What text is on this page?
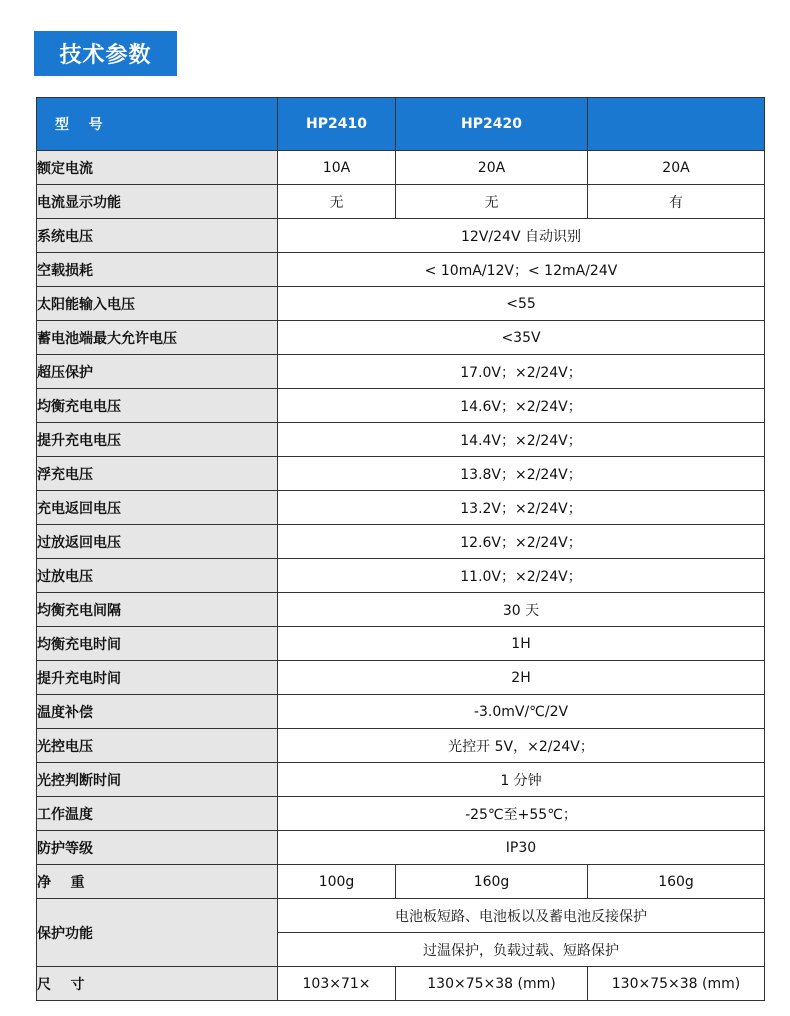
技术参数
型    号	HP2410	HP2420	
额定电流	10A	20A	20A
电流显示功能	无	无	有
系统电压	12V/24V 自动识别		
空载损耗	< 10mA/12V；< 12mA/24V		
太阳能输入电压	<55		
蓄电池端最大允许电压	<35V		
超压保护	17.0V；×2/24V；		
均衡充电电压	14.6V；×2/24V；		
提升充电电压	14.4V；×2/24V；		
浮充电压	13.8V；×2/24V；		
充电返回电压	13.2V；×2/24V；		
过放返回电压	12.6V；×2/24V；		
过放电压	11.0V；×2/24V；		
均衡充电间隔	30 天		
均衡充电时间	1H		
提升充电时间	2H		
温度补偿	-3.0mV/℃/2V		
光控电压	光控开 5V，×2/24V；		
光控判断时间	1 分钟		
工作温度	-25℃至+55℃；		
防护等级	IP30		
净    重	100g	160g	160g
保护功能	电池板短路、电池板以及蓄电池反接保护		
	过温保护，负载过载、短路保护		
尺    寸	103×71×	130×75×38 (mm)	130×75×38 (mm)
